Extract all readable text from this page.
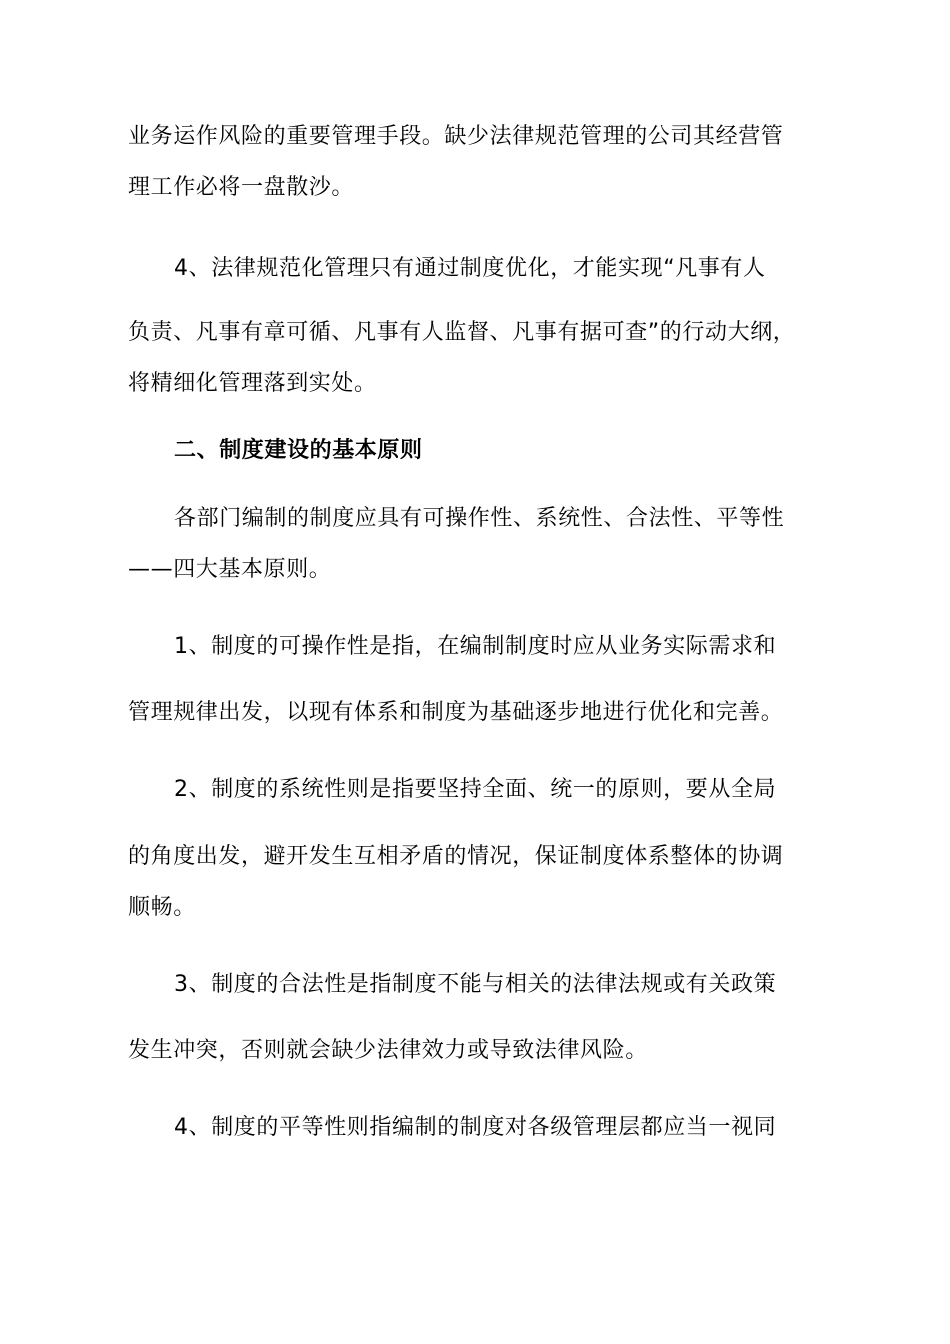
业务运作风险的重要管理手段。缺少法律规范管理的公司其经营管
理工作必将一盘散沙。
4、法律规范化管理只有通过制度优化，才能实现“凡事有人
负责、凡事有章可循、凡事有人监督、凡事有据可查”的行动大纲，
将精细化管理落到实处。
二、制度建设的基本原则
各部门编制的制度应具有可操作性、系统性、合法性、平等性
——四大基本原则。
1、制度的可操作性是指，在编制制度时应从业务实际需求和
管理规律出发，以现有体系和制度为基础逐步地进行优化和完善。
2、制度的系统性则是指要坚持全面、统一的原则，要从全局
的角度出发，避开发生互相矛盾的情况，保证制度体系整体的协调
顺畅。
3、制度的合法性是指制度不能与相关的法律法规或有关政策
发生冲突，否则就会缺少法律效力或导致法律风险。
4、制度的平等性则指编制的制度对各级管理层都应当一视同
